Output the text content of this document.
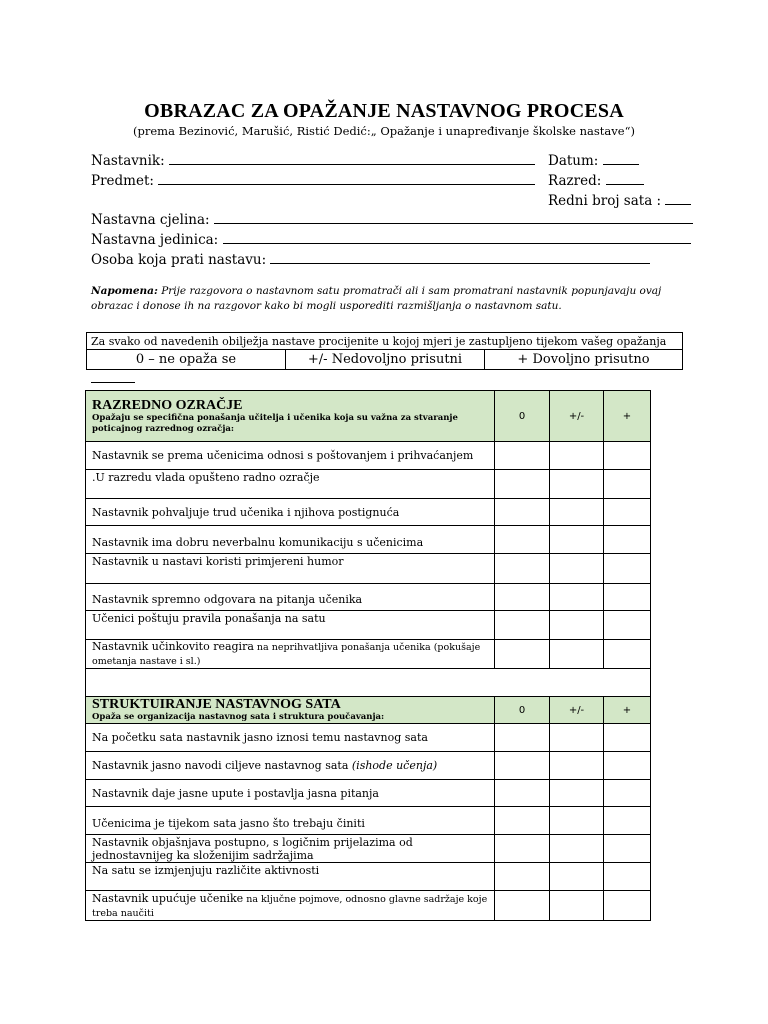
OBRAZAC ZA OPAŽANJE NASTAVNOG PROCESA
(prema Bezinović, Marušić, Ristić Dedić:„ Opažanje i unapređivanje školske nastave“)
Nastavnik:	Datum:
Predmet:	Razred:
Redni broj sata :
Nastavna cjelina:
Nastavna jedinica:
Osoba koja prati nastavu:
Napomena: Prije razgovora o nastavnom satu promatrači ali i sam promatrani nastavnik popunjavaju ovaj obrazac i donose ih na razgovor kako bi mogli usporediti razmišljanja o nastavnom satu.
Za svako od navedenih obilježja nastave procijenite u kojoj mjeri je zastupljeno tijekom vašeg opažanja
0 – ne opaža se	+/- Nedovoljno prisutni	+ Dovoljno prisutno
RAZREDNO OZRAČJE
Opažaju se specifična ponašanja učitelja i učenika koja su važna za stvaranje poticajnog razrednog ozračja:	0	+/-	+
Nastavnik se prema učenicima odnosi s poštovanjem i prihvaćanjem			
.U razredu vlada opušteno radno ozračje			
Nastavnik pohvaljuje trud učenika i njihova postignuća			
Nastavnik ima dobru neverbalnu komunikaciju s učenicima			
Nastavnik u nastavi koristi primjereni humor			
Nastavnik spremno odgovara na pitanja učenika			
Učenici poštuju pravila ponašanja na satu			
Nastavnik učinkovito reagira na neprihvatljiva ponašanja učenika (pokušaje ometanja nastave i sl.)			

STRUKTUIRANJE NASTAVNOG SATA
Opaža se organizacija nastavnog sata i struktura poučavanja:	0	+/-	+
Na početku sata nastavnik jasno iznosi temu nastavnog sata			
Nastavnik jasno navodi ciljeve nastavnog sata (ishode učenja)			
Nastavnik daje jasne upute i postavlja jasna pitanja			
Učenicima je tijekom sata jasno što trebaju činiti			
Nastavnik objašnjava postupno, s logičnim prijelazima od jednostavnijeg ka složenijim sadržajima			
Na satu se izmjenjuju različite aktivnosti			
Nastavnik upućuje učenike na ključne pojmove, odnosno glavne sadržaje koje treba naučiti			
